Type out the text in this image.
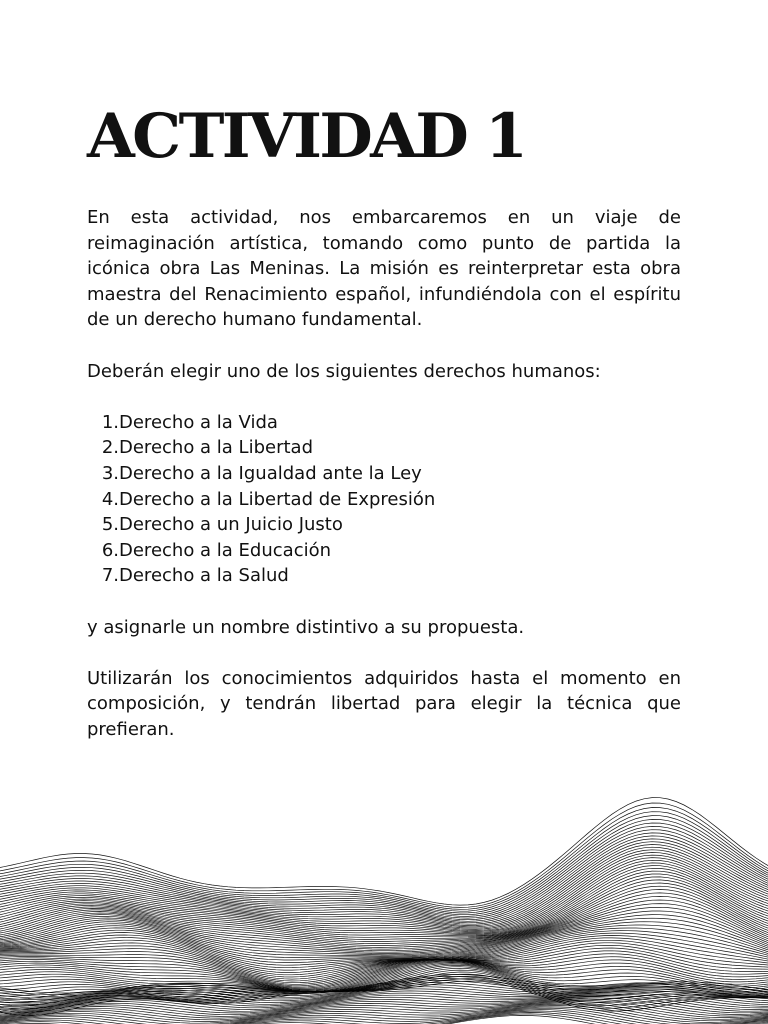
ACTIVIDAD 1

En esta actividad, nos embarcaremos en un viaje de reimaginación artística, tomando como punto de partida la icónica obra Las Meninas. La misión es reinterpretar esta obra maestra del Renacimiento español, infundiéndola con el espíritu de un derecho humano fundamental.

Deberán elegir uno de los siguientes derechos humanos:

1. Derecho a la Vida
2. Derecho a la Libertad
3. Derecho a la Igualdad ante la Ley
4. Derecho a la Libertad de Expresión
5. Derecho a un Juicio Justo
6. Derecho a la Educación
7. Derecho a la Salud

y asignarle un nombre distintivo a su propuesta.

Utilizarán los conocimientos adquiridos hasta el momento en composición, y tendrán libertad para elegir la técnica que prefieran.
